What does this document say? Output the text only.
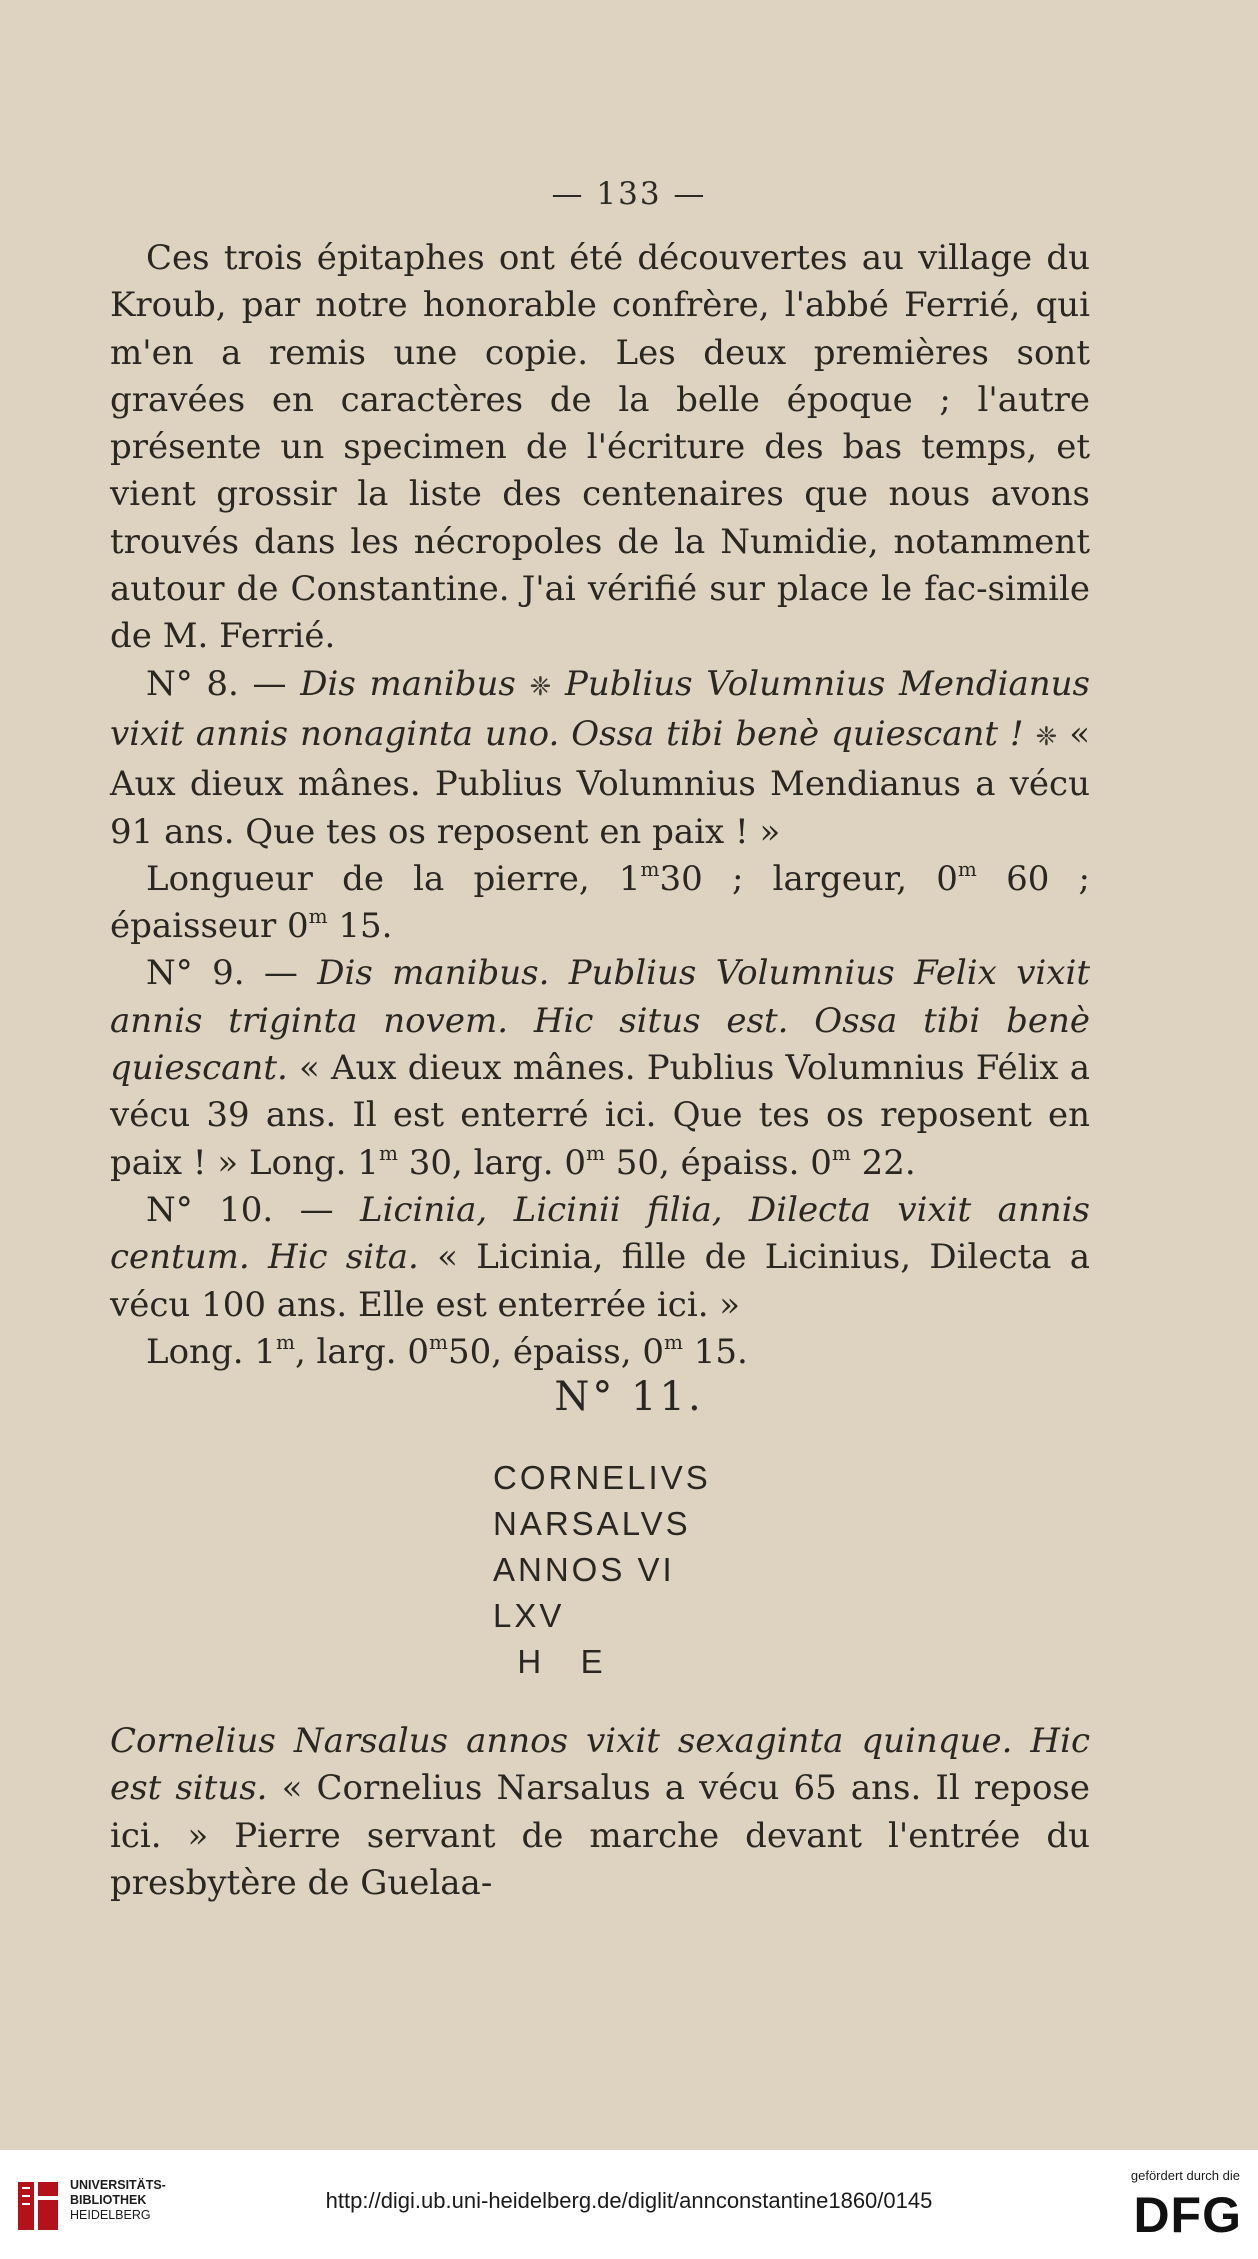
— 133 —

Ces trois épitaphes ont été découvertes au village du Kroub, par notre honorable confrère, l'abbé Ferrié, qui m'en a remis une copie. Les deux premières sont gravées en caractères de la belle époque ; l'autre présente un specimen de l'écriture des bas temps, et vient grossir la liste des centenaires que nous avons trouvés dans les nécropoles de la Numidie, notamment autour de Constantine. J'ai vérifié sur place le fac-simile de M. Ferrié.

N° 8. — Dis manibus ❈ Publius Volumnius Mendianus vixit annis nonaginta uno. Ossa tibi benè quiescant ! ❈ « Aux dieux mânes. Publius Volumnius Mendianus a vécu 91 ans. Que tes os reposent en paix ! »

Longueur de la pierre, 1$^m$30 ; largeur, 0$^m$ 60 ; épaisseur 0$^m$ 15.

N° 9. — Dis manibus. Publius Volumnius Felix vixit annis triginta novem. Hic situs est. Ossa tibi benè quiescant. « Aux dieux mânes. Publius Volumnius Félix a vécu 39 ans. Il est enterré ici. Que tes os reposent en paix ! » Long. 1$^m$ 30, larg. 0$^m$ 50, épaiss. 0$^m$ 22.

N° 10. — Licinia, Licinii filia, Dilecta vixit annis centum. Hic sita. « Licinia, fille de Licinius, Dilecta a vécu 100 ans. Elle est enterrée ici. »

Long. 1$^m$, larg. 0$^m$50, épaiss, 0$^m$ 15.

N° 11.
CORNELIVS
NARSALVS
ANNOS VI
LXV
H   E

Cornelius Narsalus annos vixit sexaginta quinque. Hic est situs. « Cornelius Narsalus a vécu 65 ans. Il repose ici. » Pierre servant de marche devant l'entrée du presbytère de Guelaa-

UNIVERSITÄTS-
BIBLIOTHEK
HEIDELBERG
http://digi.ub.uni-heidelberg.de/diglit/annconstantine1860/0145
gefördert durch die
DFG
